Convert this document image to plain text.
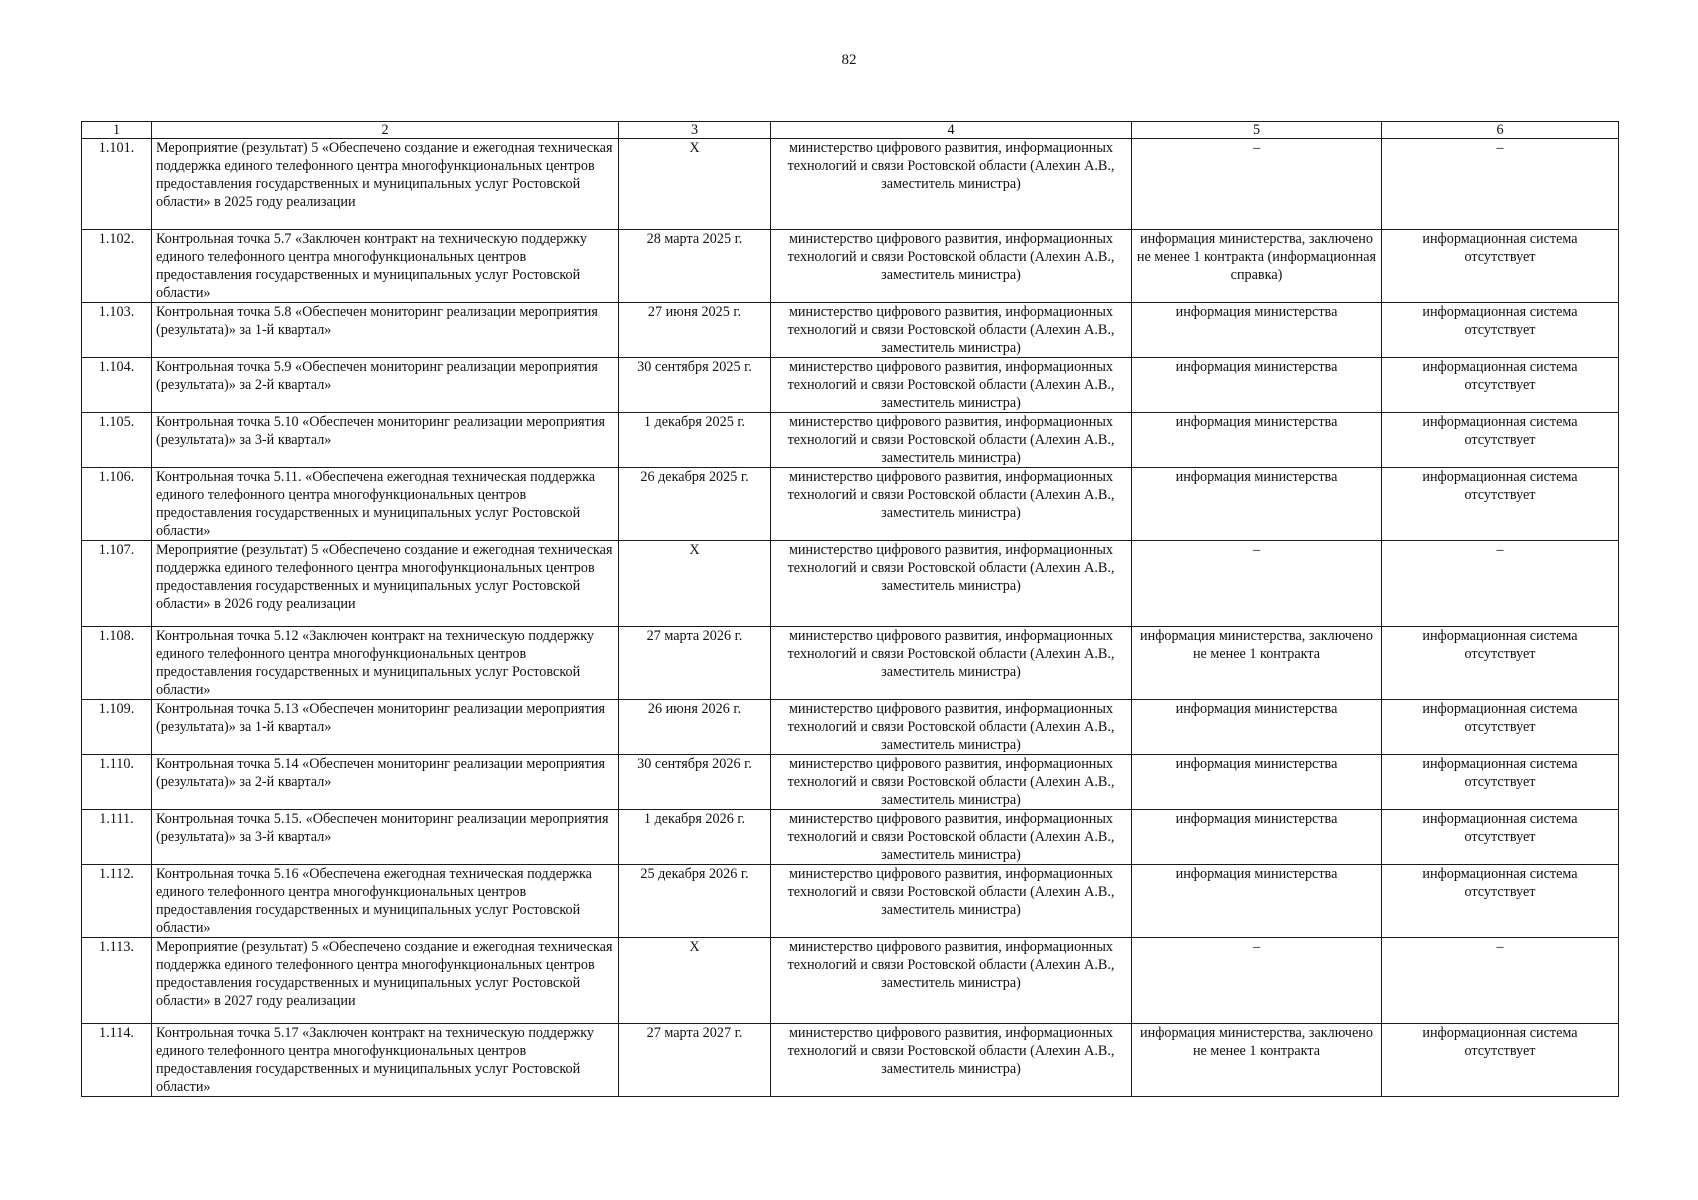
82
1	2	3	4	5	6
1.101.	Мероприятие (результат) 5 «Обеспечено создание и ежегодная техническая поддержка единого телефонного центра многофункциональных центров предоставления государственных и муниципальных услуг Ростовской области» в 2025 году реализации	Х	министерство цифрового развития, информационных технологий и связи Ростовской области (Алехин А.В., заместитель министра)	–	–
1.102.	Контрольная точка 5.7 «Заключен контракт на техническую поддержку единого телефонного центра многофункциональных центров предоставления государственных и муниципальных услуг Ростовской области»	28 марта 2025 г.	министерство цифрового развития, информационных технологий и связи Ростовской области (Алехин А.В., заместитель министра)	информация министерства, заключено не менее 1 контракта (информационная справка)	информационная система отсутствует
1.103.	Контрольная точка 5.8 «Обеспечен мониторинг реализации мероприятия (результата)» за 1-й квартал»	27 июня 2025 г.	министерство цифрового развития, информационных технологий и связи Ростовской области (Алехин А.В., заместитель министра)	информация министерства	информационная система отсутствует
1.104.	Контрольная точка 5.9 «Обеспечен мониторинг реализации мероприятия (результата)» за 2-й квартал»	30 сентября 2025 г.	министерство цифрового развития, информационных технологий и связи Ростовской области (Алехин А.В., заместитель министра)	информация министерства	информационная система отсутствует
1.105.	Контрольная точка 5.10 «Обеспечен мониторинг реализации мероприятия (результата)» за 3-й квартал»	1 декабря 2025 г.	министерство цифрового развития, информационных технологий и связи Ростовской области (Алехин А.В., заместитель министра)	информация министерства	информационная система отсутствует
1.106.	Контрольная точка 5.11. «Обеспечена ежегодная техническая поддержка единого телефонного центра многофункциональных центров предоставления государственных и муниципальных услуг Ростовской области»	26 декабря 2025 г.	министерство цифрового развития, информационных технологий и связи Ростовской области (Алехин А.В., заместитель министра)	информация министерства	информационная система отсутствует
1.107.	Мероприятие (результат) 5 «Обеспечено создание и ежегодная техническая поддержка единого телефонного центра многофункциональных центров предоставления государственных и муниципальных услуг Ростовской области» в 2026 году реализации	Х	министерство цифрового развития, информационных технологий и связи Ростовской области (Алехин А.В., заместитель министра)	–	–
1.108.	Контрольная точка 5.12 «Заключен контракт на техническую поддержку единого телефонного центра многофункциональных центров предоставления государственных и муниципальных услуг Ростовской области»	27 марта 2026 г.	министерство цифрового развития, информационных технологий и связи Ростовской области (Алехин А.В., заместитель министра)	информация министерства, заключено не менее 1 контракта	информационная система отсутствует
1.109.	Контрольная точка 5.13 «Обеспечен мониторинг реализации мероприятия (результата)» за 1-й квартал»	26 июня 2026 г.	министерство цифрового развития, информационных технологий и связи Ростовской области (Алехин А.В., заместитель министра)	информация министерства	информационная система отсутствует
1.110.	Контрольная точка 5.14 «Обеспечен мониторинг реализации мероприятия (результата)» за 2-й квартал»	30 сентября 2026 г.	министерство цифрового развития, информационных технологий и связи Ростовской области (Алехин А.В., заместитель министра)	информация министерства	информационная система отсутствует
1.111.	Контрольная точка 5.15. «Обеспечен мониторинг реализации мероприятия (результата)» за 3-й квартал»	1 декабря 2026 г.	министерство цифрового развития, информационных технологий и связи Ростовской области (Алехин А.В., заместитель министра)	информация министерства	информационная система отсутствует
1.112.	Контрольная точка 5.16 «Обеспечена ежегодная техническая поддержка единого телефонного центра многофункциональных центров предоставления государственных и муниципальных услуг Ростовской области»	25 декабря 2026 г.	министерство цифрового развития, информационных технологий и связи Ростовской области (Алехин А.В., заместитель министра)	информация министерства	информационная система отсутствует
1.113.	Мероприятие (результат) 5 «Обеспечено создание и ежегодная техническая поддержка единого телефонного центра многофункциональных центров предоставления государственных и муниципальных услуг Ростовской области» в 2027 году реализации	Х	министерство цифрового развития, информационных технологий и связи Ростовской области (Алехин А.В., заместитель министра)	–	–
1.114.	Контрольная точка 5.17 «Заключен контракт на техническую поддержку единого телефонного центра многофункциональных центров предоставления государственных и муниципальных услуг Ростовской области»	27 марта 2027 г.	министерство цифрового развития, информационных технологий и связи Ростовской области (Алехин А.В., заместитель министра)	информация министерства, заключено не менее 1 контракта	информационная система отсутствует
